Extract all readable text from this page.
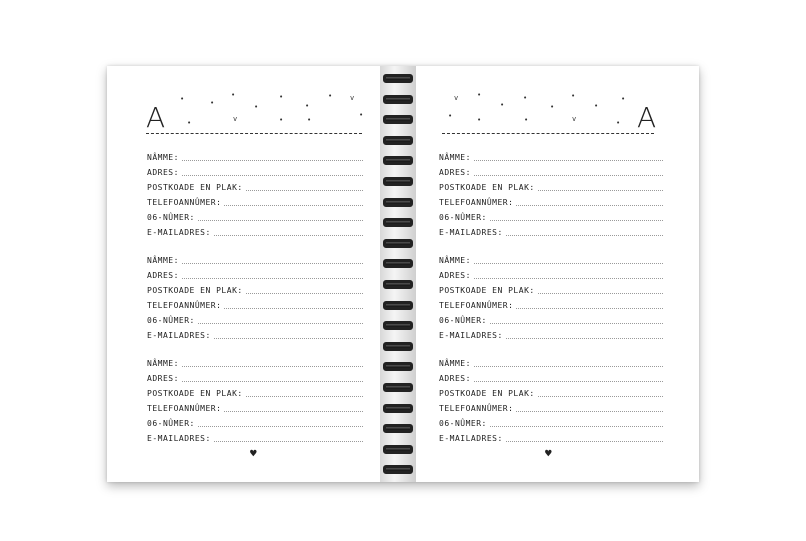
A
•	•
•
•
•
•
•
•
•	•
v
v
•
NÂMME:
ADRES:
POSTKOADE EN PLAK:
TELEFOANNÛMER:
06-NÛMER:
E-MAILADRES:
NÂMME:
ADRES:
POSTKOADE EN PLAK:
TELEFOANNÛMER:
06-NÛMER:
E-MAILADRES:
NÂMME:
ADRES:
POSTKOADE EN PLAK:
TELEFOANNÛMER:
06-NÛMER:
E-MAILADRES:
♥
A
v	•
•
•
•
•
•
•
•	•	•	v	•
NÂMME:
ADRES:
POSTKOADE EN PLAK:
TELEFOANNÛMER:
06-NÛMER:
E-MAILADRES:
NÂMME:
ADRES:
POSTKOADE EN PLAK:
TELEFOANNÛMER:
06-NÛMER:
E-MAILADRES:
NÂMME:
ADRES:
POSTKOADE EN PLAK:
TELEFOANNÛMER:
06-NÛMER:
E-MAILADRES:
♥
